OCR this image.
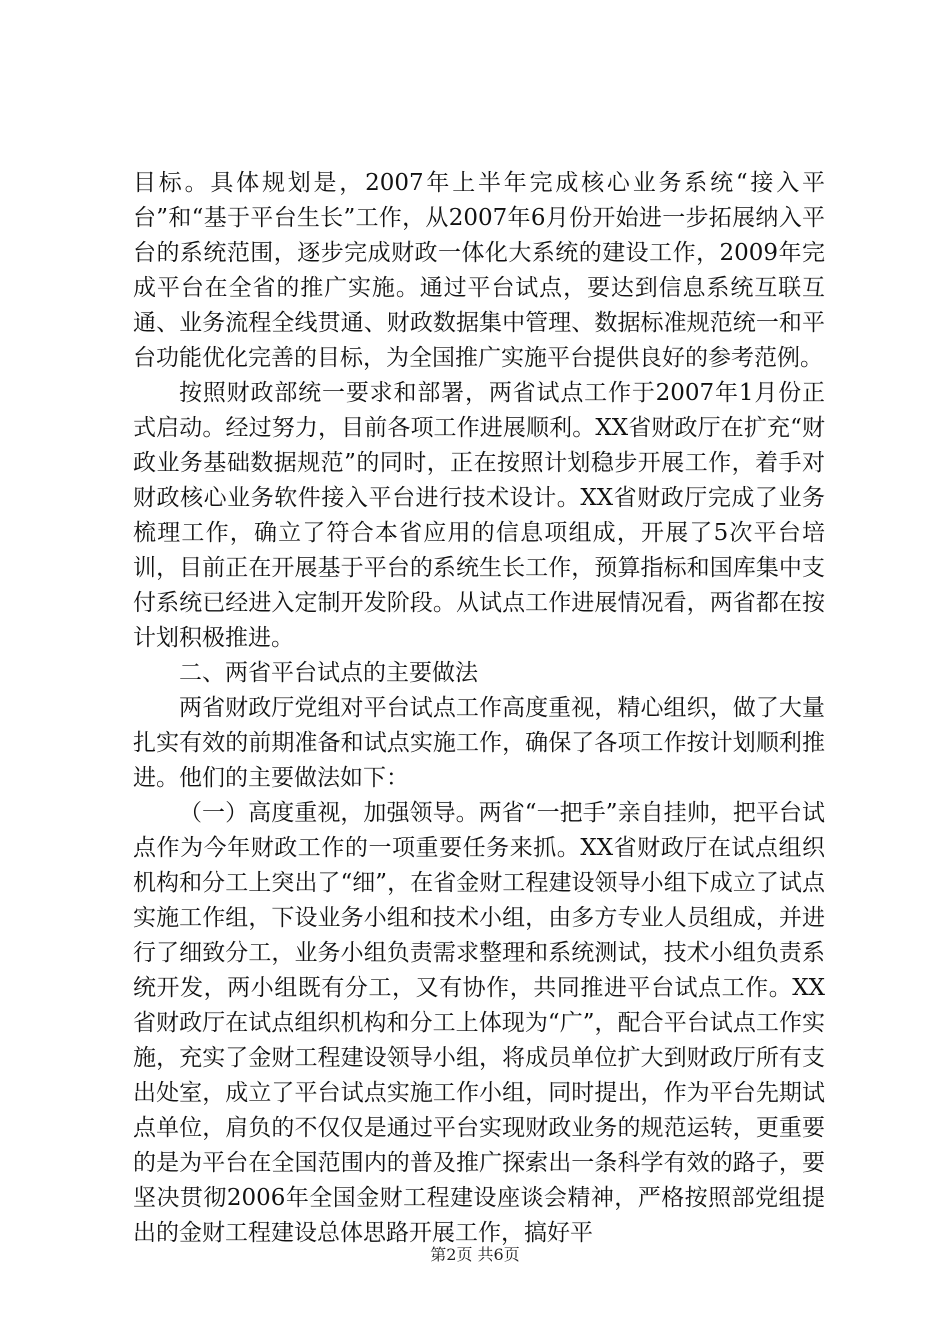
目标。具体规划是，2007年上半年完成核心业务系统“接入平台”和“基于平台生长”工作，从2007年6月份开始进一步拓展纳入平台的系统范围，逐步完成财政一体化大系统的建设工作，2009年完成平台在全省的推广实施。通过平台试点，要达到信息系统互联互通、业务流程全线贯通、财政数据集中管理、数据标准规范统一和平台功能优化完善的目标，为全国推广实施平台提供良好的参考范例。

按照财政部统一要求和部署，两省试点工作于2007年1月份正式启动。经过努力，目前各项工作进展顺利。XX省财政厅在扩充“财政业务基础数据规范”的同时，正在按照计划稳步开展工作，着手对财政核心业务软件接入平台进行技术设计。XX省财政厅完成了业务梳理工作，确立了符合本省应用的信息项组成，开展了5次平台培训，目前正在开展基于平台的系统生长工作，预算指标和国库集中支付系统已经进入定制开发阶段。从试点工作进展情况看，两省都在按计划积极推进。

二、两省平台试点的主要做法

两省财政厅党组对平台试点工作高度重视，精心组织，做了大量扎实有效的前期准备和试点实施工作，确保了各项工作按计划顺利推进。他们的主要做法如下：

（一）高度重视，加强领导。两省“一把手”亲自挂帅，把平台试点作为今年财政工作的一项重要任务来抓。XX省财政厅在试点组织机构和分工上突出了“细”，在省金财工程建设领导小组下成立了试点实施工作组，下设业务小组和技术小组，由多方专业人员组成，并进行了细致分工，业务小组负责需求整理和系统测试，技术小组负责系统开发，两小组既有分工，又有协作，共同推进平台试点工作。XX省财政厅在试点组织机构和分工上体现为“广”，配合平台试点工作实施，充实了金财工程建设领导小组，将成员单位扩大到财政厅所有支出处室，成立了平台试点实施工作小组，同时提出，作为平台先期试点单位，肩负的不仅仅是通过平台实现财政业务的规范运转，更重要的是为平台在全国范围内的普及推广探索出一条科学有效的路子，要坚决贯彻2006年全国金财工程建设座谈会精神，严格按照部党组提出的金财工程建设总体思路开展工作，搞好平

第2页 共6页
